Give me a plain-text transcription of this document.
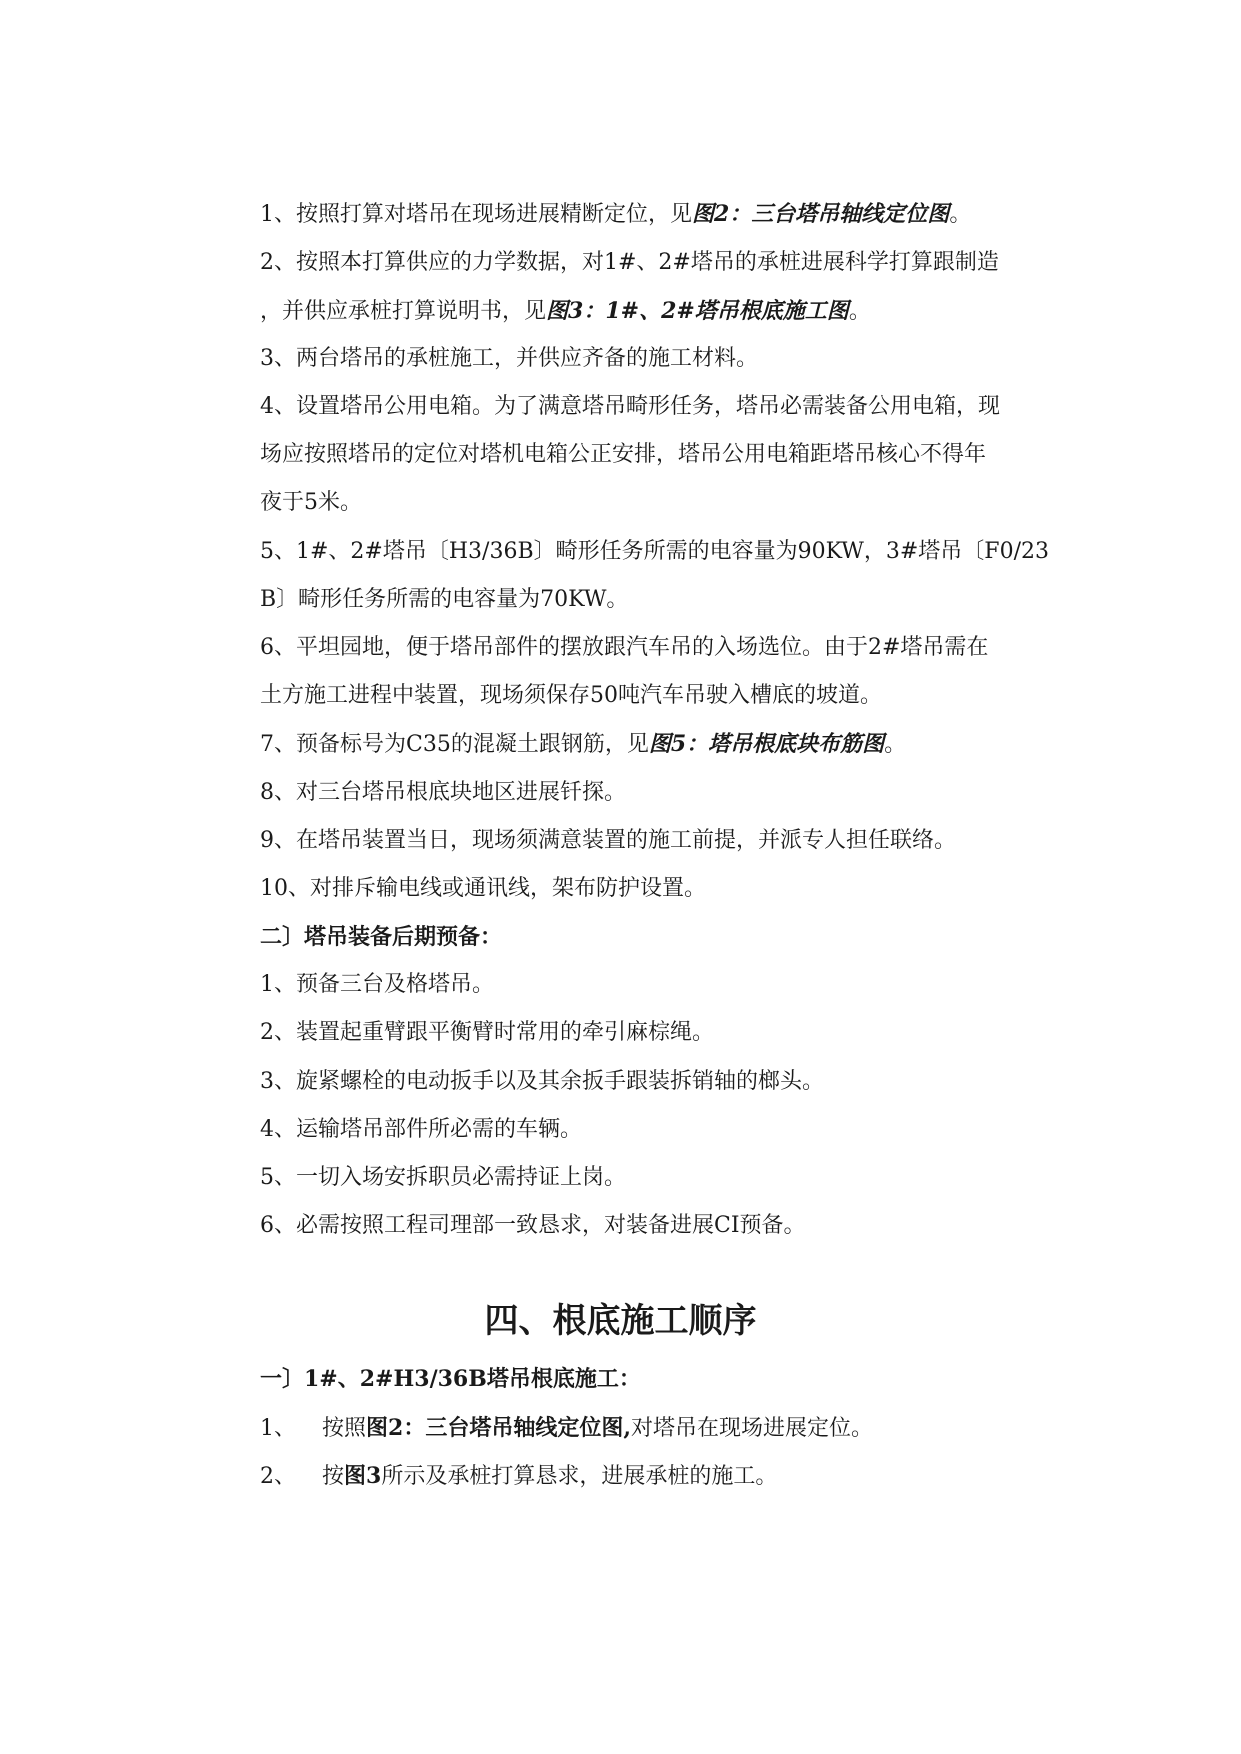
1、按照打算对塔吊在现场进展精断定位，见图2：三台塔吊轴线定位图。
2、按照本打算供应的力学数据，对1#、2#塔吊的承桩进展科学打算跟制造
，并供应承桩打算说明书，见图3：1#、2#塔吊根底施工图。
3、两台塔吊的承桩施工，并供应齐备的施工材料。
4、设置塔吊公用电箱。为了满意塔吊畸形任务，塔吊必需装备公用电箱，现
场应按照塔吊的定位对塔机电箱公正安排，塔吊公用电箱距塔吊核心不得年
夜于5米。
5、1#、2#塔吊〔H3/36B〕畸形任务所需的电容量为90KW，3#塔吊〔F0/23
B〕畸形任务所需的电容量为70KW。
6、平坦园地，便于塔吊部件的摆放跟汽车吊的入场选位。由于2#塔吊需在
土方施工进程中装置，现场须保存50吨汽车吊驶入槽底的坡道。
7、预备标号为C35的混凝土跟钢筋，见图5：塔吊根底块布筋图。
8、对三台塔吊根底块地区进展钎探。
9、在塔吊装置当日，现场须满意装置的施工前提，并派专人担任联络。
10、对排斥输电线或通讯线，架布防护设置。
二〕塔吊装备后期预备：
1、预备三台及格塔吊。
2、装置起重臂跟平衡臂时常用的牵引麻棕绳。
3、旋紧螺栓的电动扳手以及其余扳手跟装拆销轴的榔头。
4、运输塔吊部件所必需的车辆。
5、一切入场安拆职员必需持证上岗。
6、必需按照工程司理部一致恳求，对装备进展CI预备。
四、根底施工顺序
一〕1#、2#H3/36B塔吊根底施工：
1、 按照图2：三台塔吊轴线定位图,对塔吊在现场进展定位。
2、 按图3所示及承桩打算恳求，进展承桩的施工。
